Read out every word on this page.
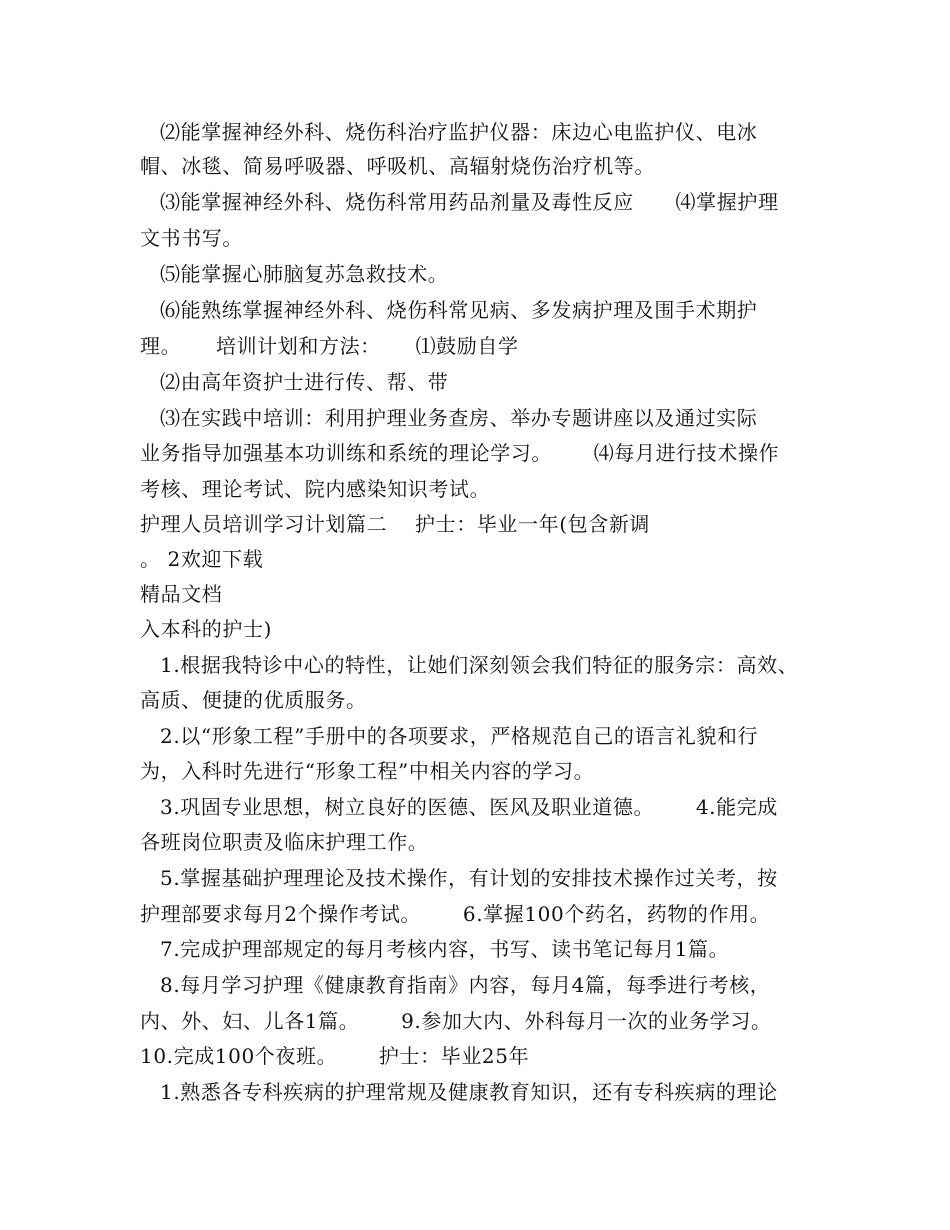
⑵能掌握神经外科、烧伤科治疗监护仪器：床边心电监护仪、电冰
帽、冰毯、简易呼吸器、呼吸机、高辐射烧伤治疗机等。
⑶能掌握神经外科、烧伤科常用药品剂量及毒性反应      ⑷掌握护理
文书书写。
⑸能掌握心肺脑复苏急救技术。
⑹能熟练掌握神经外科、烧伤科常见病、多发病护理及围手术期护
理。     培训计划和方法：     ⑴鼓励自学
⑵由高年资护士进行传、帮、带
⑶在实践中培训：利用护理业务查房、举办专题讲座以及通过实际
业务指导加强基本功训练和系统的理论学习。      ⑷每月进行技术操作
考核、理论考试、院内感染知识考试。
护理人员培训学习计划篇二    护士：毕业一年(包含新调
。 2欢迎下载
精品文档
入本科的护士)
1.根据我特诊中心的特性，让她们深刻领会我们特征的服务宗：高效、
高质、便捷的优质服务。
2.以“形象工程”手册中的各项要求，严格规范自己的语言礼貌和行
为，入科时先进行“形象工程”中相关内容的学习。
3.巩固专业思想，树立良好的医德、医风及职业道德。      4.能完成
各班岗位职责及临床护理工作。
5.掌握基础护理理论及技术操作，有计划的安排技术操作过关考，按
护理部要求每月2个操作考试。      6.掌握100个药名，药物的作用。
7.完成护理部规定的每月考核内容，书写、读书笔记每月1篇。
8.每月学习护理《健康教育指南》内容，每月4篇，每季进行考核，
内、外、妇、儿各1篇。      9.参加大内、外科每月一次的业务学习。
10.完成100个夜班。      护士：毕业25年
1.熟悉各专科疾病的护理常规及健康教育知识，还有专科疾病的理论
